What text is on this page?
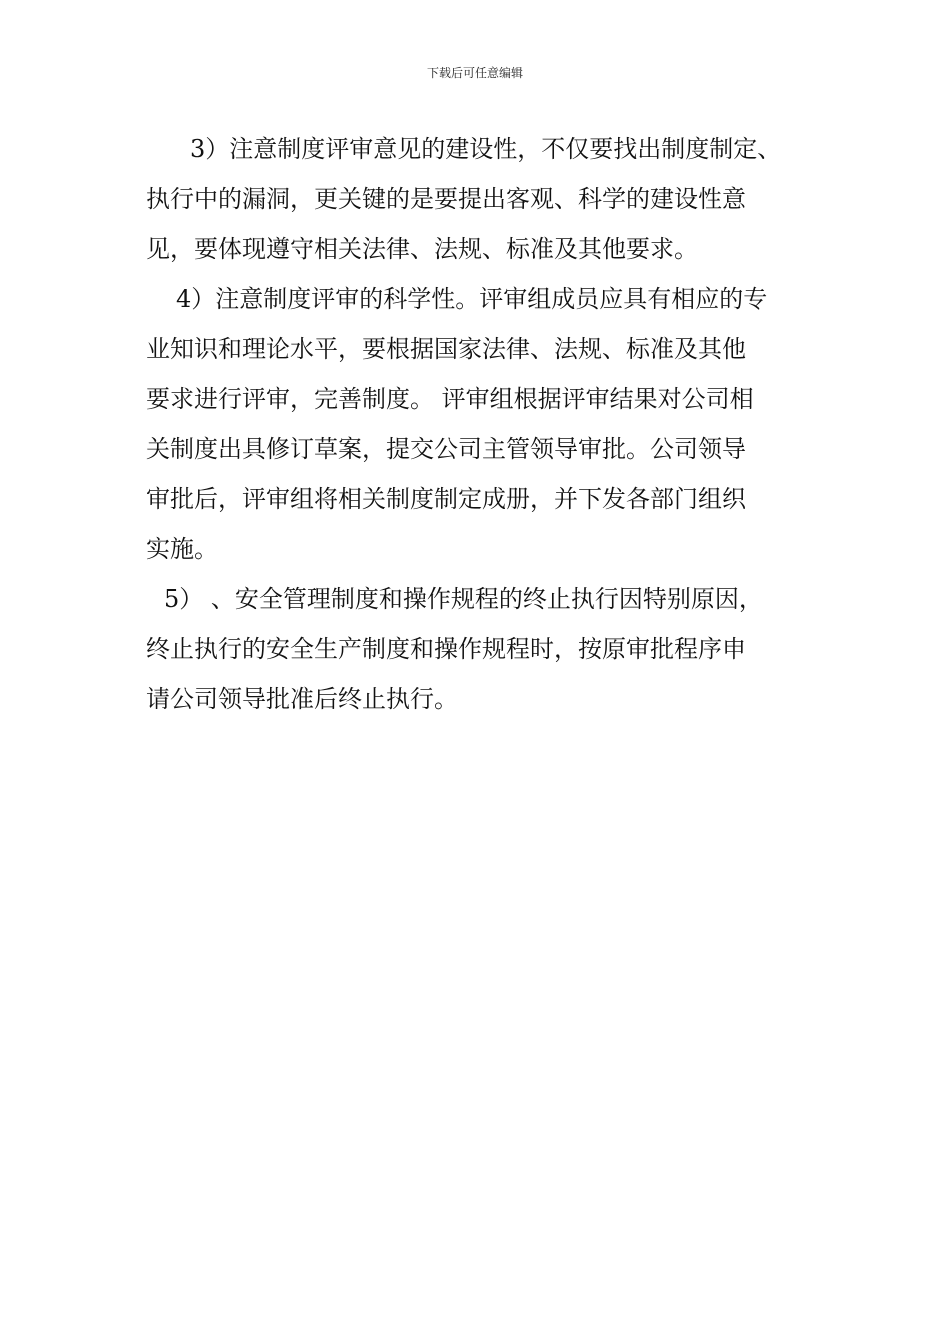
下载后可任意编辑
3）注意制度评审意见的建设性，不仅要找出制度制定、
执行中的漏洞，更关键的是要提出客观、科学的建设性意
见，要体现遵守相关法律、法规、标准及其他要求。
4）注意制度评审的科学性。评审组成员应具有相应的专
业知识和理论水平，要根据国家法律、法规、标准及其他
要求进行评审，完善制度。 评审组根据评审结果对公司相
关制度出具修订草案，提交公司主管领导审批。公司领导
审批后，评审组将相关制度制定成册，并下发各部门组织
实施。
5） 、安全管理制度和操作规程的终止执行因特别原因，
终止执行的安全生产制度和操作规程时，按原审批程序申
请公司领导批准后终止执行。
